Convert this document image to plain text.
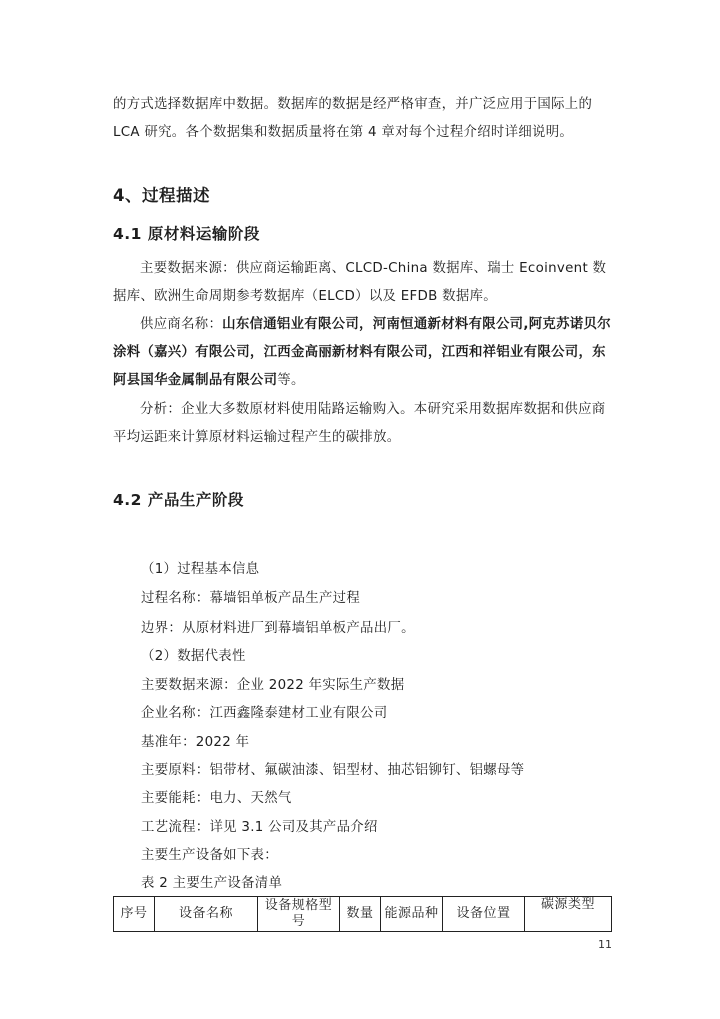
的方式选择数据库中数据。数据库的数据是经严格审查，并广泛应用于国际上的LCA 研究。各个数据集和数据质量将在第 4 章对每个过程介绍时详细说明。

4、过程描述
4.1 原材料运输阶段

主要数据来源：供应商运输距离、CLCD-China 数据库、瑞士 Ecoinvent 数据库、欧洲生命周期参考数据库（ELCD）以及 EFDB 数据库。

供应商名称：山东信通铝业有限公司，河南恒通新材料有限公司,阿克苏诺贝尔涂料（嘉兴）有限公司，江西金高丽新材料有限公司，江西和祥铝业有限公司，东阿县国华金属制品有限公司等。

分析：企业大多数原材料使用陆路运输购入。本研究采用数据库数据和供应商平均运距来计算原材料运输过程产生的碳排放。

4.2 产品生产阶段
（1）过程基本信息
过程名称：幕墙铝单板产品生产过程
边界：从原材料进厂到幕墙铝单板产品出厂。
（2）数据代表性
主要数据来源：企业 2022 年实际生产数据
企业名称：江西鑫隆泰建材工业有限公司
基准年：2022 年
主要原料：铝带材、氟碳油漆、铝型材、抽芯铝铆钉、铝螺母等
主要能耗：电力、天然气
工艺流程：详见 3.1 公司及其产品介绍
主要生产设备如下表：
表 2 主要生产设备清单
序号	设备名称	设备规格型号	数量	能源品种	设备位置	碳源类型
11
